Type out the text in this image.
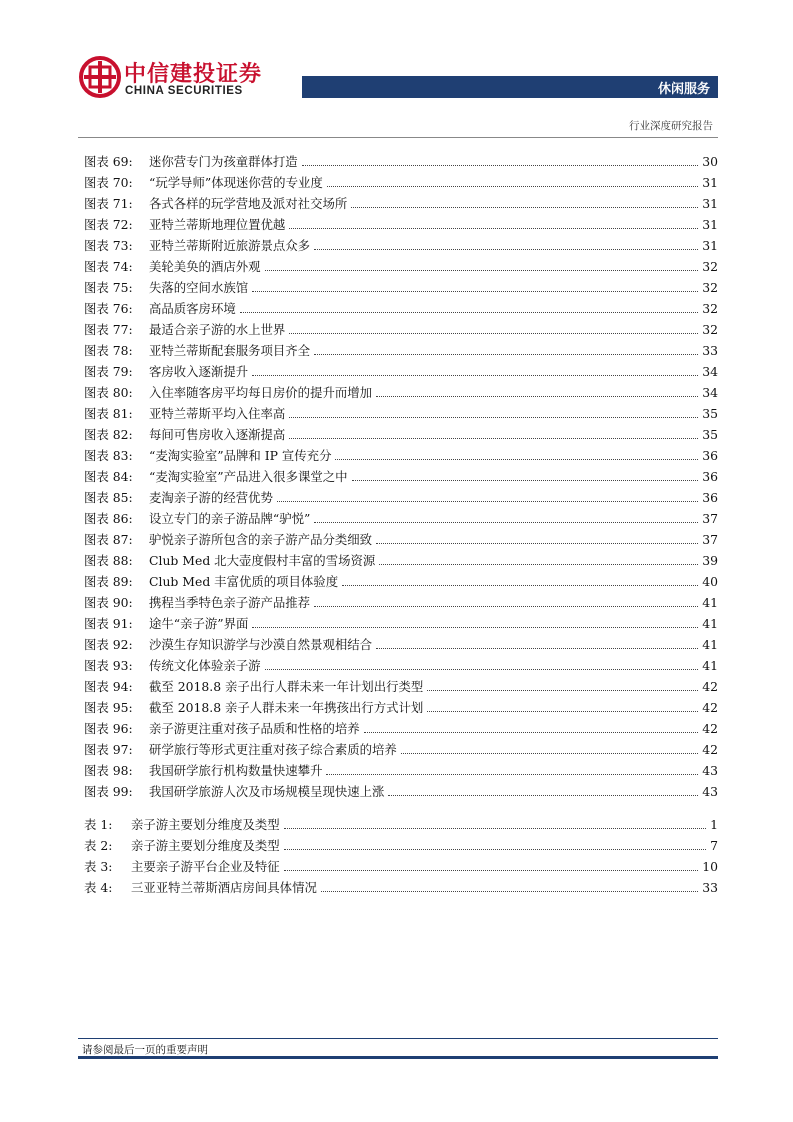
中信建投证券
CHINA SECURITIES	休闲服务
行业深度研究报告
图表 69:	迷你营专门为孩童群体打造	30
图表 70:	“玩学导师”体现迷你营的专业度	31
图表 71:	各式各样的玩学营地及派对社交场所	31
图表 72:	亚特兰蒂斯地理位置优越	31
图表 73:	亚特兰蒂斯附近旅游景点众多	31
图表 74:	美轮美奂的酒店外观	32
图表 75:	失落的空间水族馆	32
图表 76:	高品质客房环境	32
图表 77:	最适合亲子游的水上世界	32
图表 78:	亚特兰蒂斯配套服务项目齐全	33
图表 79:	客房收入逐渐提升	34
图表 80:	入住率随客房平均每日房价的提升而增加	34
图表 81:	亚特兰蒂斯平均入住率高	35
图表 82:	每间可售房收入逐渐提高	35
图表 83:	“麦淘实验室”品牌和 IP 宣传充分	36
图表 84:	“麦淘实验室”产品进入很多课堂之中	36
图表 85:	麦淘亲子游的经营优势	36
图表 86:	设立专门的亲子游品牌“驴悦”	37
图表 87:	驴悦亲子游所包含的亲子游产品分类细致	37
图表 88:	Club Med 北大壶度假村丰富的雪场资源	39
图表 89:	Club Med 丰富优质的项目体验度	40
图表 90:	携程当季特色亲子游产品推荐	41
图表 91:	途牛“亲子游”界面	41
图表 92:	沙漠生存知识游学与沙漠自然景观相结合	41
图表 93:	传统文化体验亲子游	41
图表 94:	截至 2018.8 亲子出行人群未来一年计划出行类型	42
图表 95:	截至 2018.8 亲子人群未来一年携孩出行方式计划	42
图表 96:	亲子游更注重对孩子品质和性格的培养	42
图表 97:	研学旅行等形式更注重对孩子综合素质的培养	42
图表 98:	我国研学旅行机构数量快速攀升	43
图表 99:	我国研学旅游人次及市场规模呈现快速上涨	43
表 1:	亲子游主要划分维度及类型	1
表 2:	亲子游主要划分维度及类型	7
表 3:	主要亲子游平台企业及特征	10
表 4:	三亚亚特兰蒂斯酒店房间具体情况	33
请参阅最后一页的重要声明
